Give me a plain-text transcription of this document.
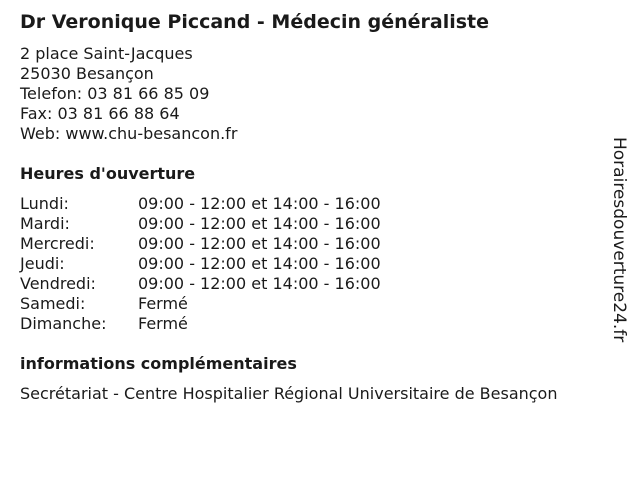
Dr Veronique Piccand - Médecin généraliste
2 place Saint-Jacques
25030 Besançon
Telefon: 03 81 66 85 09
Fax: 03 81 66 88 64
Web: www.chu-besancon.fr
Heures d'ouverture
Lundi:	09:00 - 12:00 et 14:00 - 16:00
Mardi:	09:00 - 12:00 et 14:00 - 16:00
Mercredi:	09:00 - 12:00 et 14:00 - 16:00
Jeudi:	09:00 - 12:00 et 14:00 - 16:00
Vendredi:	09:00 - 12:00 et 14:00 - 16:00
Samedi:	Fermé
Dimanche:	Fermé
informations complémentaires
Secrétariat - Centre Hospitalier Régional Universitaire de Besançon
Horairesdouverture24.fr
